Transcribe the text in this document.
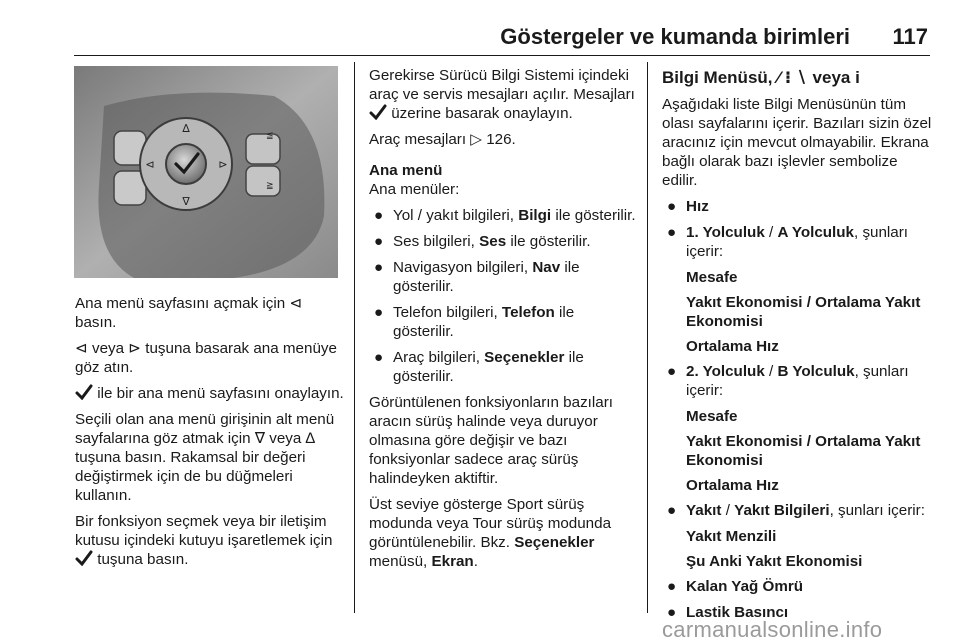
Göstergeler ve kumanda birimleri	117
∆
∇
⊲	⊳
≦
≧

Ana menü sayfasını açmak için ⊲ basın.

⊲ veya ⊳ tuşuna basarak ana menüye göz atın.

ile bir ana menü sayfasını onaylayın.

Seçili olan ana menü girişinin alt menü sayfalarına göz atmak için ∇ veya ∆ tuşuna basın. Rakamsal bir değeri değiştirmek için de bu düğmeleri kullanın.

Bir fonksiyon seçmek veya bir iletişim kutusu içindeki kutuyu işaretlemek için  tuşuna basın.

Gerekirse Sürücü Bilgi Sistemi içindeki araç ve servis mesajları açılır. Mesajları  üzerine basarak onaylayın.

Araç mesajları ▷ 126.

Ana menü

Ana menüler:

● Yol / yakıt bilgileri, Bilgi ile gösterilir.
● Ses bilgileri, Ses ile gösterilir.
● Navigasyon bilgileri, Nav ile gösterilir.
● Telefon bilgileri, Telefon ile gösterilir.
● Araç bilgileri, Seçenekler ile gösterilir.

Görüntülenen fonksiyonların bazıları aracın sürüş halinde veya duruyor olmasına göre değişir ve bazı fonksiyonlar sadece araç sürüş halindeyken aktiftir.

Üst seviye gösterge Sport sürüş modunda veya Tour sürüş modunda görüntülenebilir. Bkz. Seçenekler menüsü, Ekran.

Bilgi Menüsü, ⁄ ⁝ ∖ veya i

Aşağıdaki liste Bilgi Menüsünün tüm olası sayfalarını içerir. Bazıları sizin özel aracınız için mevcut olmayabilir. Ekrana bağlı olarak bazı işlevler sembolize edilir.

● Hız
● 1. Yolculuk / A Yolculuk, şunları içerir:

Mesafe

Yakıt Ekonomisi / Ortalama Yakıt Ekonomisi

Ortalama Hız

● 2. Yolculuk / B Yolculuk, şunları içerir:

Mesafe

Yakıt Ekonomisi / Ortalama Yakıt Ekonomisi

Ortalama Hız

● Yakıt / Yakıt Bilgileri, şunları içerir:

Yakıt Menzili

Şu Anki Yakıt Ekonomisi

● Kalan Yağ Ömrü
● Lastik Basıncı
carmanualsonline.info
